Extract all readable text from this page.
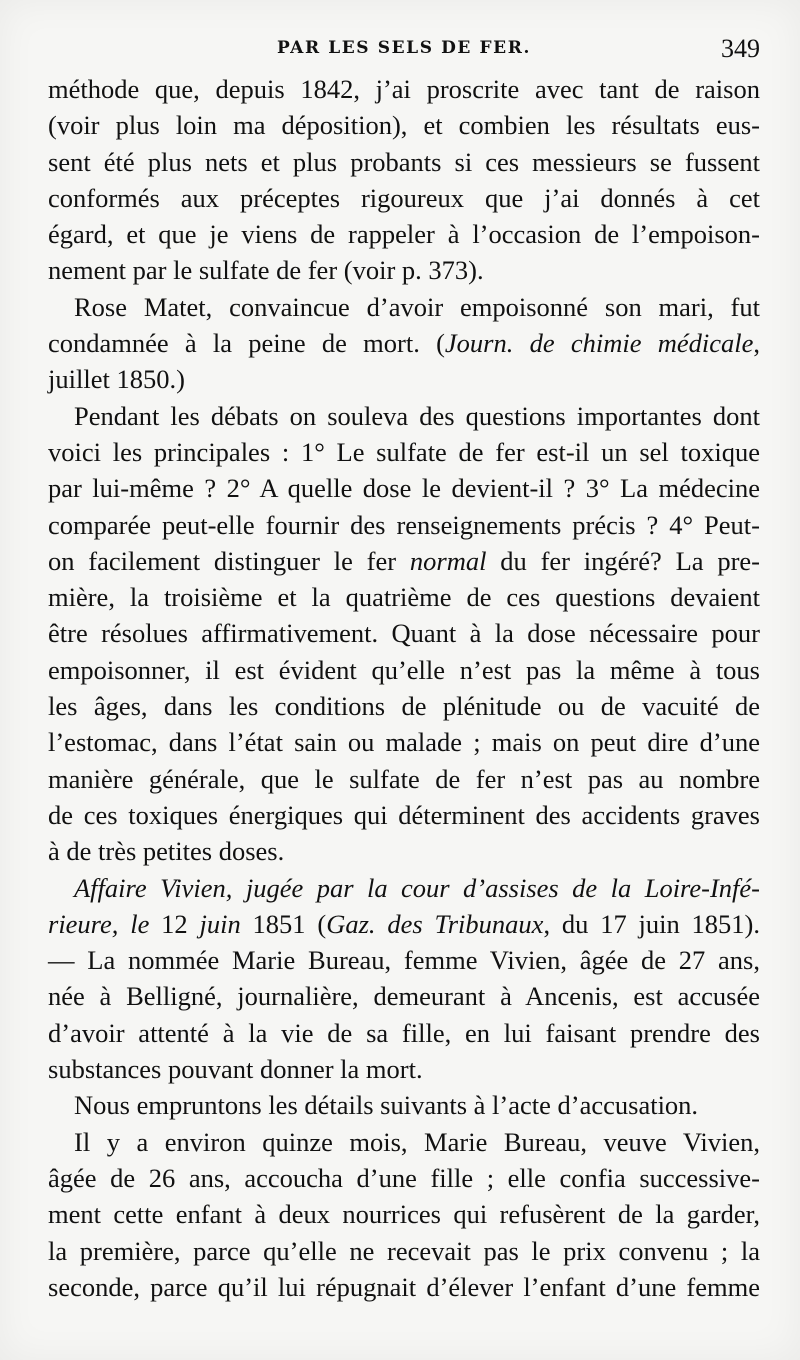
PAR LES SELS DE FER.	349
méthode que, depuis 1842, j’ai proscrite avec tant de raison
(voir plus loin ma déposition), et combien les résultats eus-
sent été plus nets et plus probants si ces messieurs se fussent
conformés aux préceptes rigoureux que j’ai donnés à cet
égard, et que je viens de rappeler à l’occasion de l’empoison-
nement par le sulfate de fer (voir p. 373).
Rose Matet, convaincue d’avoir empoisonné son mari, fut
condamnée à la peine de mort. (Journ. de chimie médicale,
juillet 1850.)
Pendant les débats on souleva des questions importantes dont
voici les principales : 1° Le sulfate de fer est-il un sel toxique
par lui-même ? 2° A quelle dose le devient-il ? 3° La médecine
comparée peut-elle fournir des renseignements précis ? 4° Peut-
on facilement distinguer le fer normal du fer ingéré? La pre-
mière, la troisième et la quatrième de ces questions devaient
être résolues affirmativement. Quant à la dose nécessaire pour
empoisonner, il est évident qu’elle n’est pas la même à tous
les âges, dans les conditions de plénitude ou de vacuité de
l’estomac, dans l’état sain ou malade ; mais on peut dire d’une
manière générale, que le sulfate de fer n’est pas au nombre
de ces toxiques énergiques qui déterminent des accidents graves
à de très petites doses.
Affaire Vivien, jugée par la cour d’assises de la Loire-Infé-
rieure, le 12 juin 1851 (Gaz. des Tribunaux, du 17 juin 1851).
— La nommée Marie Bureau, femme Vivien, âgée de 27 ans,
née à Belligné, journalière, demeurant à Ancenis, est accusée
d’avoir attenté à la vie de sa fille, en lui faisant prendre des
substances pouvant donner la mort.
Nous empruntons les détails suivants à l’acte d’accusation.
Il y a environ quinze mois, Marie Bureau, veuve Vivien,
âgée de 26 ans, accoucha d’une fille ; elle confia successive-
ment cette enfant à deux nourrices qui refusèrent de la garder,
la première, parce qu’elle ne recevait pas le prix convenu ; la
seconde, parce qu’il lui répugnait d’élever l’enfant d’une femme
